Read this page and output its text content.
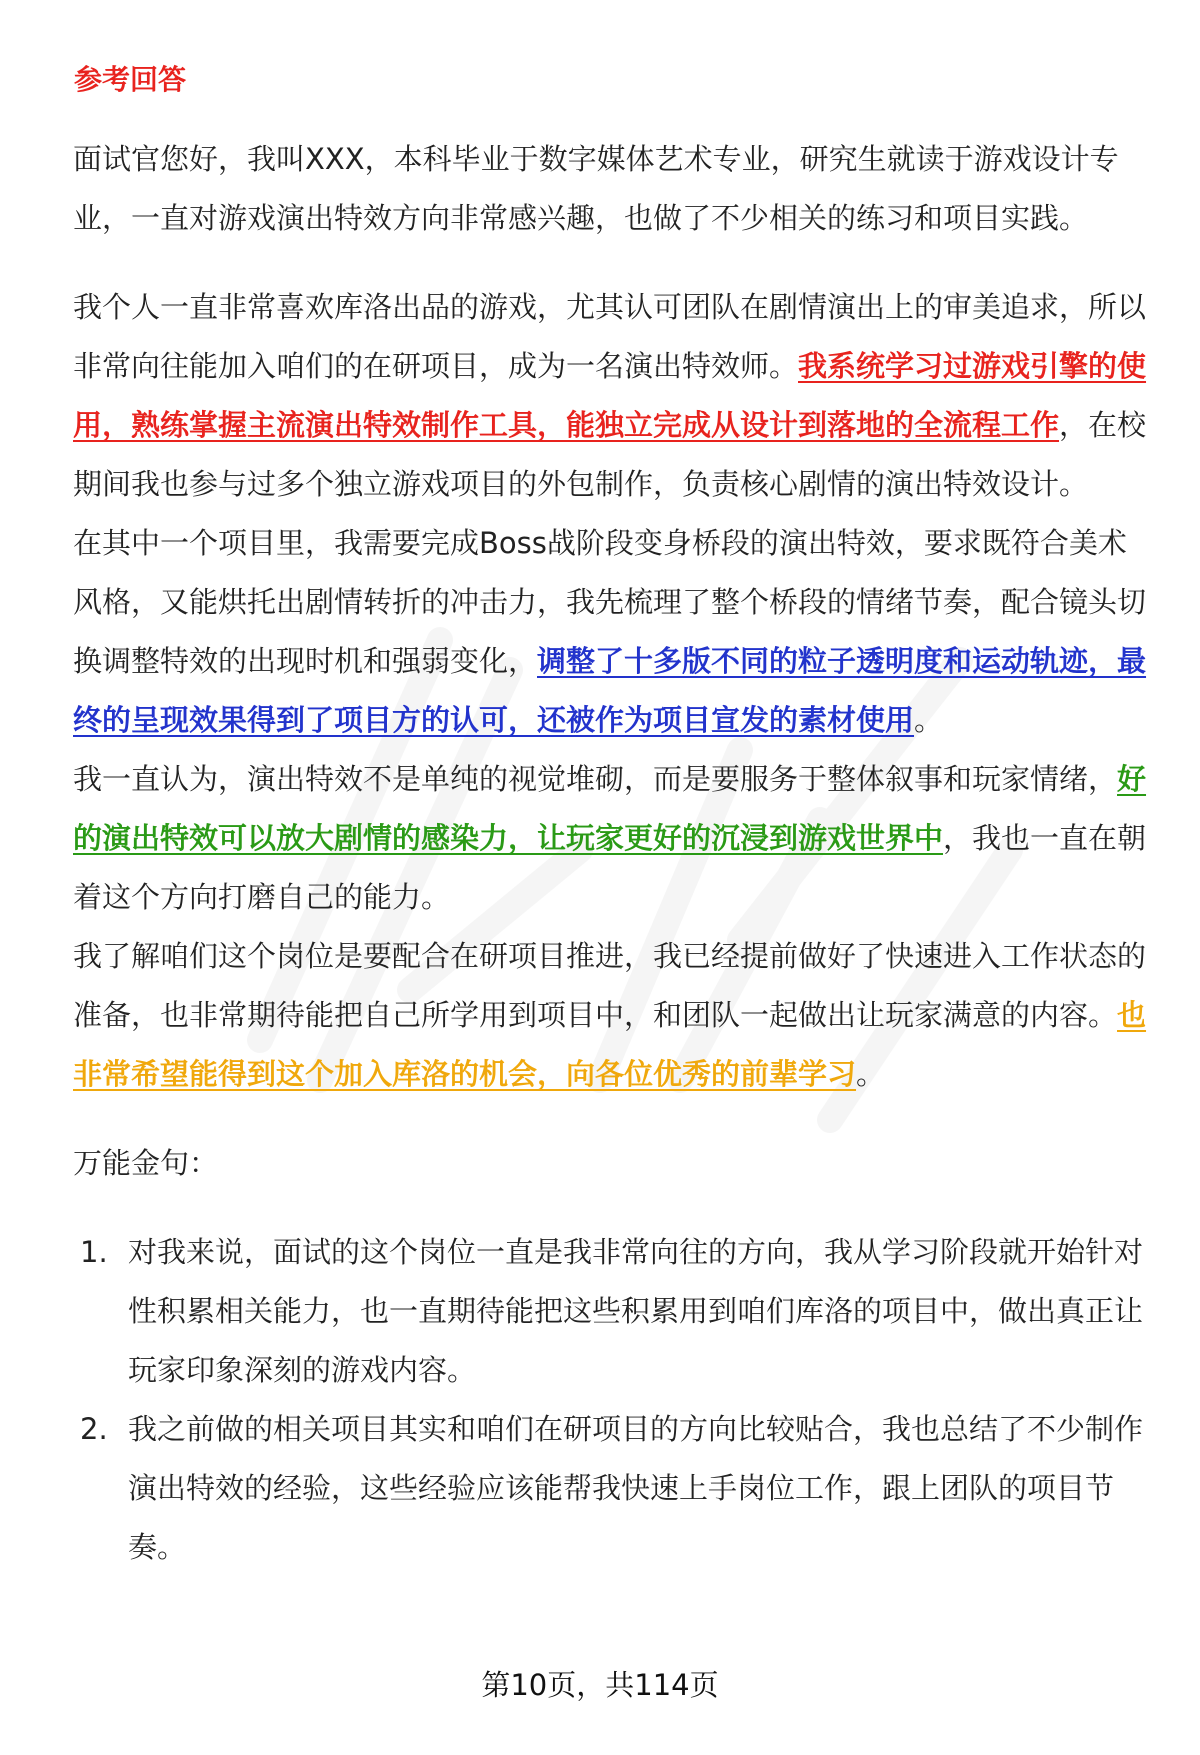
参考回答

面试官您好，我叫XXX，本科毕业于数字媒体艺术专业，研究生就读于游戏设计专业，一直对游戏演出特效方向非常感兴趣，也做了不少相关的练习和项目实践。

我个人一直非常喜欢库洛出品的游戏，尤其认可团队在剧情演出上的审美追求，所以非常向往能加入咱们的在研项目，成为一名演出特效师。我系统学习过游戏引擎的使用，熟练掌握主流演出特效制作工具，能独立完成从设计到落地的全流程工作，在校期间我也参与过多个独立游戏项目的外包制作，负责核心剧情的演出特效设计。

在其中一个项目里，我需要完成Boss战阶段变身桥段的演出特效，要求既符合美术风格，又能烘托出剧情转折的冲击力，我先梳理了整个桥段的情绪节奏，配合镜头切换调整特效的出现时机和强弱变化，调整了十多版不同的粒子透明度和运动轨迹，最终的呈现效果得到了项目方的认可，还被作为项目宣发的素材使用。

我一直认为，演出特效不是单纯的视觉堆砌，而是要服务于整体叙事和玩家情绪，好的演出特效可以放大剧情的感染力，让玩家更好的沉浸到游戏世界中，我也一直在朝着这个方向打磨自己的能力。

我了解咱们这个岗位是要配合在研项目推进，我已经提前做好了快速进入工作状态的准备，也非常期待能把自己所学用到项目中，和团队一起做出让玩家满意的内容。也非常希望能得到这个加入库洛的机会，向各位优秀的前辈学习。

万能金句：

1. 对我来说，面试的这个岗位一直是我非常向往的方向，我从学习阶段就开始针对性积累相关能力，也一直期待能把这些积累用到咱们库洛的项目中，做出真正让玩家印象深刻的游戏内容。
2. 我之前做的相关项目其实和咱们在研项目的方向比较贴合，我也总结了不少制作演出特效的经验，这些经验应该能帮我快速上手岗位工作，跟上团队的项目节奏。
第10页，共114页
